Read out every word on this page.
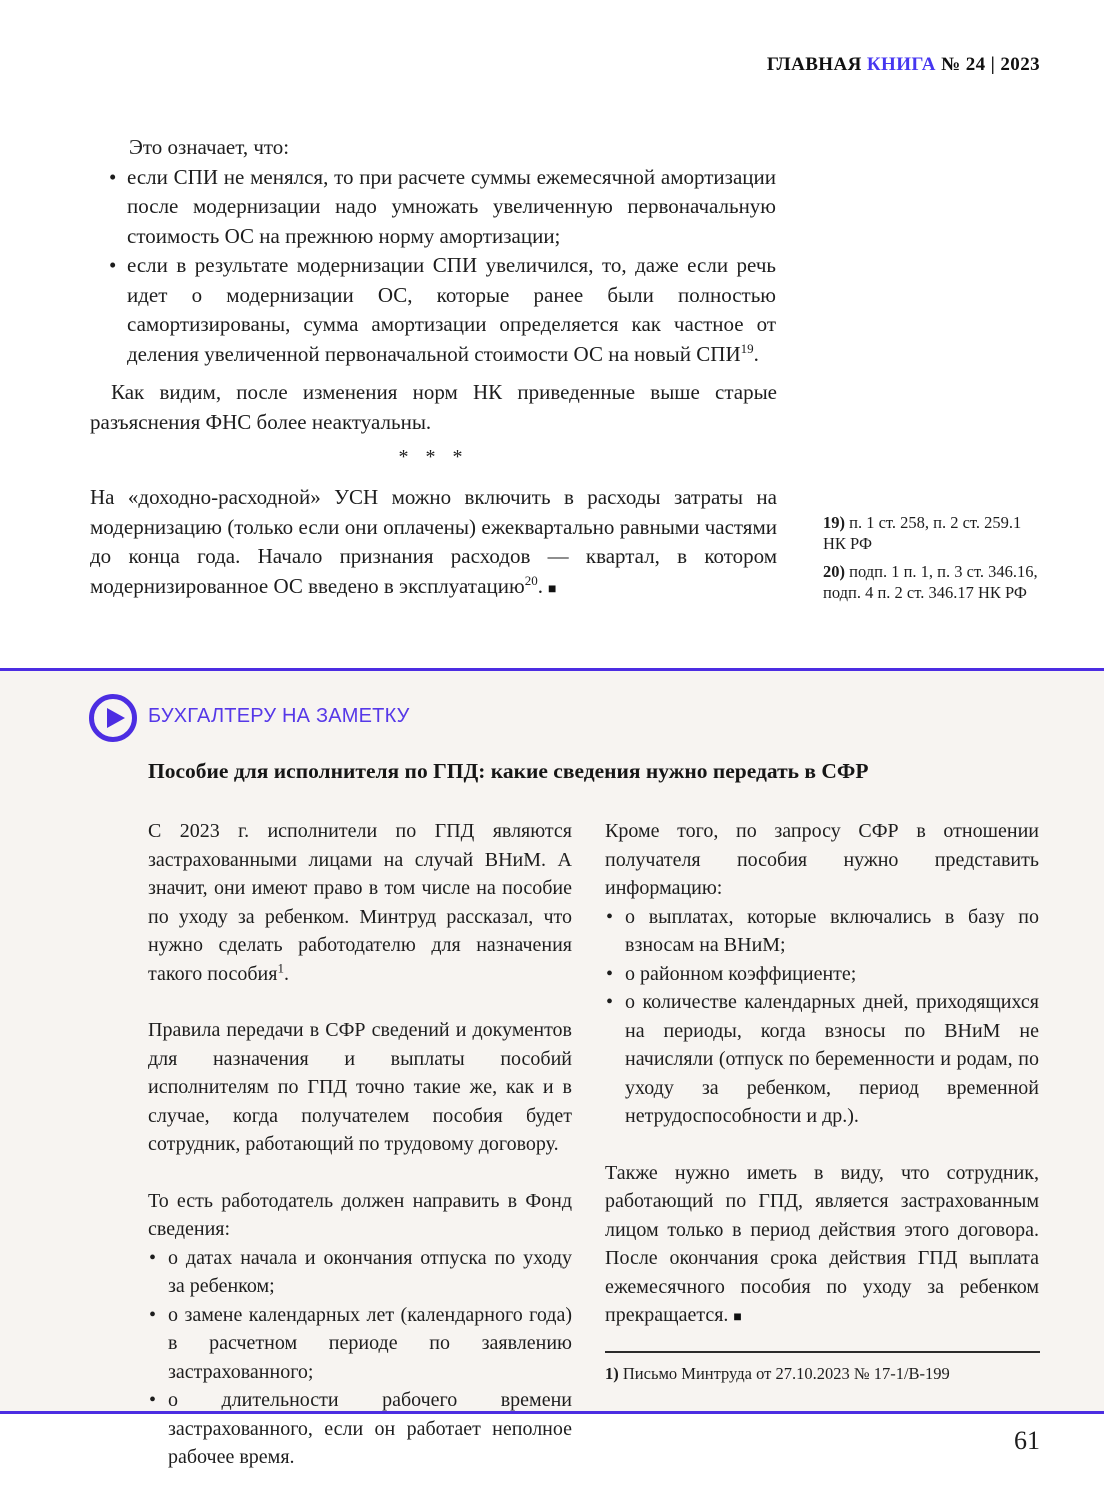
ГЛАВНАЯ КНИГА № 24 | 2023

Это означает, что:

• если СПИ не менялся, то при расчете суммы ежемесячной амортизации после модернизации надо умножать увеличенную первоначальную стоимость ОС на прежнюю норму амортизации;
• если в результате модернизации СПИ увеличился, то, даже если речь идет о модернизации ОС, которые ранее были полностью самортизированы, сумма амортизации определяется как частное от деления увеличенной первоначальной стоимости ОС на новый СПИ$^{19}$.

Как видим, после изменения норм НК приведенные выше старые разъяснения ФНС более неактуальны.

* * *

На «доходно-расходной» УСН можно включить в расходы затраты на модернизацию (только если они оплачены) ежеквартально равными частями до конца года. Начало признания расходов — квартал, в котором модернизированное ОС введено в эксплуатацию$^{20}$. ■

19) п. 1 ст. 258, п. 2 ст. 259.1 НК РФ

20) подп. 1 п. 1, п. 3 ст. 346.16, подп. 4 п. 2 ст. 346.17 НК РФ

БУХГАЛТЕРУ НА ЗАМЕТКУ
Пособие для исполнителя по ГПД: какие сведения нужно передать в СФР

С 2023 г. исполнители по ГПД являются застрахованными лицами на случай ВНиМ. А значит, они имеют право в том числе на пособие по уходу за ребенком. Минтруд рассказал, что нужно сделать работодателю для назначения такого пособия$^1$.

Правила передачи в СФР сведений и документов для назначения и выплаты пособий исполнителям по ГПД точно такие же, как и в случае, когда получателем пособия будет сотрудник, работающий по трудовому договору.

То есть работодатель должен направить в Фонд сведения:

• о датах начала и окончания отпуска по уходу за ребенком;
• о замене календарных лет (календарного года) в расчетном периоде по заявлению застрахованного;
• о длительности рабочего времени застрахованного, если он работает неполное рабочее время.

Кроме того, по запросу СФР в отношении получателя пособия нужно представить информацию:

• о выплатах, которые включались в базу по взносам на ВНиМ;
• о районном коэффициенте;
• о количестве календарных дней, приходящихся на периоды, когда взносы по ВНиМ не начисляли (отпуск по беременности и родам, по уходу за ребенком, период временной нетрудоспособности и др.).

Также нужно иметь в виду, что сотрудник, работающий по ГПД, является застрахованным лицом только в период действия этого договора. После окончания срока действия ГПД выплата ежемесячного пособия по уходу за ребенком прекращается. ■

1) Письмо Минтруда от 27.10.2023 № 17-1/В-199
61
